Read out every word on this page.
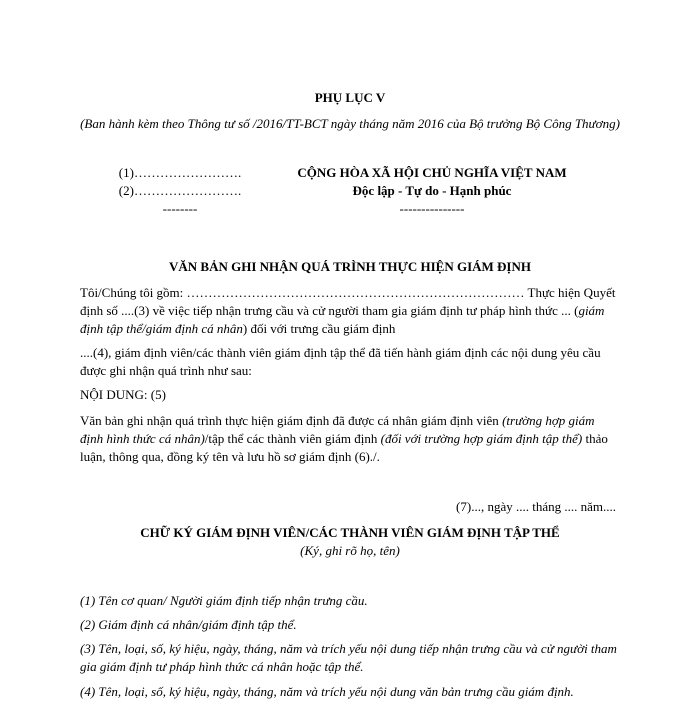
PHỤ LỤC V
(Ban hành kèm theo Thông tư số /2016/TT-BCT ngày tháng năm 2016 của Bộ trưởng Bộ Công Thương)
(1)…………………….
(2)…………………….
--------
CỘNG HÒA XÃ HỘI CHỦ NGHĨA VIỆT NAM
Độc lập - Tự do - Hạnh phúc
---------------
VĂN BẢN GHI NHẬN QUÁ TRÌNH THỰC HIỆN GIÁM ĐỊNH
Tôi/Chúng tôi gồm: …………………………………………………………………… Thực hiện Quyết định số ....(3) về việc tiếp nhận trưng cầu và cử người tham gia giám định tư pháp hình thức ... (giám định tập thể/giám định cá nhân) đối với trưng cầu giám định
....(4), giám định viên/các thành viên giám định tập thể đã tiến hành giám định các nội dung yêu cầu được ghi nhận quá trình như sau:
NỘI DUNG: (5)
Văn bản ghi nhận quá trình thực hiện giám định đã được cá nhân giám định viên (trường hợp giám định hình thức cá nhân)/tập thể các thành viên giám định (đối với trường hợp giám định tập thể) thảo luận, thông qua, đồng ký tên và lưu hồ sơ giám định (6)./.
(7)..., ngày .... tháng .... năm....
CHỮ KÝ GIÁM ĐỊNH VIÊN/CÁC THÀNH VIÊN GIÁM ĐỊNH TẬP THỂ
(Ký, ghi rõ họ, tên)
(1) Tên cơ quan/ Người giám định tiếp nhận trưng cầu.
(2) Giám định cá nhân/giám định tập thể.
(3) Tên, loại, số, ký hiệu, ngày, tháng, năm và trích yếu nội dung tiếp nhận trưng cầu và cử người tham gia giám định tư pháp hình thức cá nhân hoặc tập thể.
(4) Tên, loại, số, ký hiệu, ngày, tháng, năm và trích yếu nội dung văn bản trưng cầu giám định.
